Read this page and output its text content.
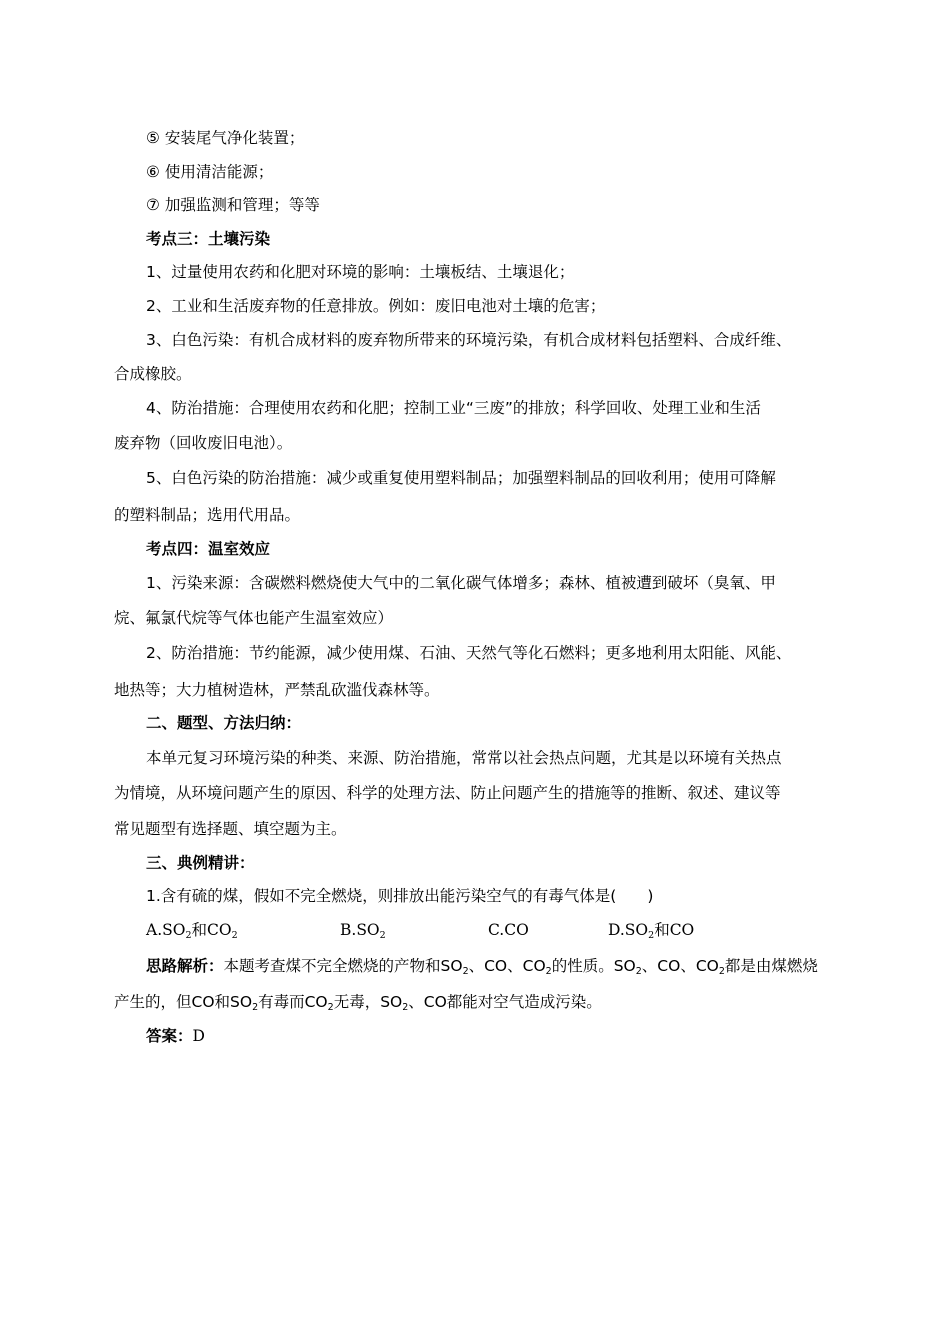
⑤ 安装尾气净化装置；
⑥ 使用清洁能源；
⑦ 加强监测和管理；等等
考点三：土壤污染
1、过量使用农药和化肥对环境的影响：土壤板结、土壤退化；
2、工业和生活废弃物的任意排放。例如：废旧电池对土壤的危害；
3、白色污染：有机合成材料的废弃物所带来的环境污染，有机合成材料包括塑料、合成纤维、
合成橡胶。
4、防治措施：合理使用农药和化肥；控制工业“三废”的排放；科学回收、处理工业和生活
废弃物（回收废旧电池）。
5、白色污染的防治措施：减少或重复使用塑料制品；加强塑料制品的回收利用；使用可降解
的塑料制品；选用代用品。
考点四：温室效应
1、污染来源：含碳燃料燃烧使大气中的二氧化碳气体增多；森林、植被遭到破坏（臭氧、甲
烷、氟氯代烷等气体也能产生温室效应）
2、防治措施：节约能源，减少使用煤、石油、天然气等化石燃料；更多地利用太阳能、风能、
地热等；大力植树造林，严禁乱砍滥伐森林等。
二、题型、方法归纳：
本单元复习环境污染的种类、来源、防治措施，常常以社会热点问题，尤其是以环境有关热点
为情境，从环境问题产生的原因、科学的处理方法、防止问题产生的措施等的推断、叙述、建议等
常见题型有选择题、填空题为主。
三、典例精讲：
1.含有硫的煤，假如不完全燃烧，则排放出能污染空气的有毒气体是(　　)
$A.SO_2$和$CO_2$	$B.SO_2$	C.CO	$D.SO_2$和CO
思路解析：本题考查煤不完全燃烧的产物和$SO_2$、CO、$CO_2$的性质。$SO_2$、CO、$CO_2$都是由煤燃烧
产生的，但CO和$SO_2$有毒而$CO_2$无毒，$SO_2$、CO都能对空气造成污染。
答案：D
